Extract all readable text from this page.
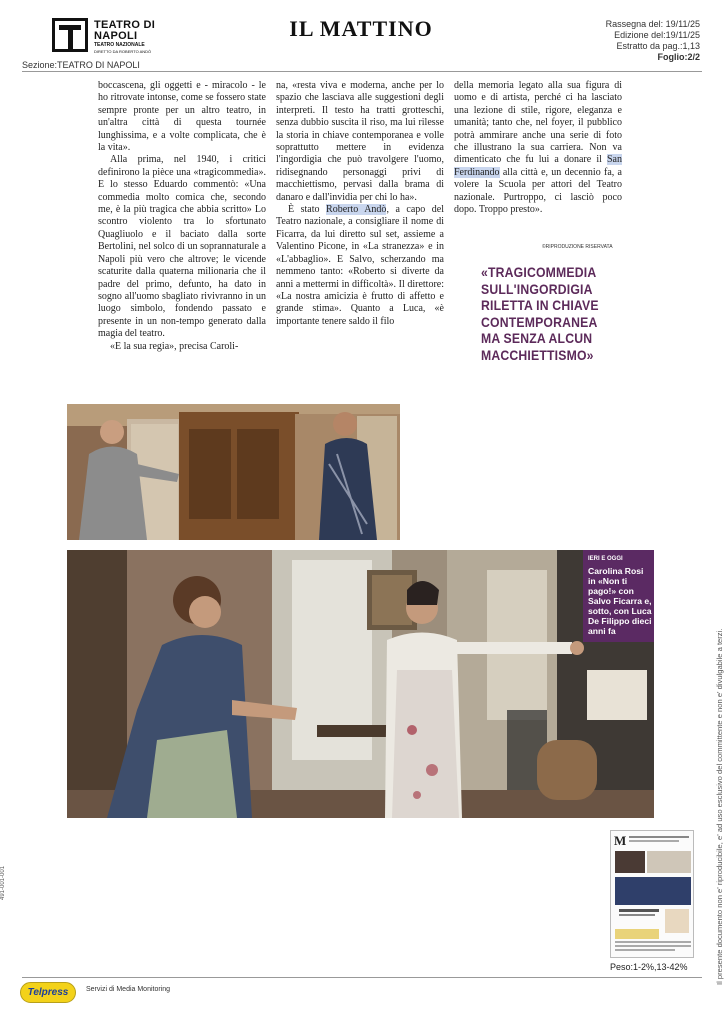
TEATRO DI NAPOLI
TEATRO NAZIONALE
DIRETTO DA ROBERTO ANDÒ
Sezione:TEATRO DI NAPOLI
IL MATTINO	Rassegna del: 19/11/25
Edizione del:19/11/25
Estratto da pag.:1,13
Foglio:2/2

boccascena, gli oggetti e - miracolo - le ho ritrovate intonse, come se fossero state sempre pronte per un altro teatro, in un'altra città di questa tournée lunghissima, e a volte complicata, che è la vita».

Alla prima, nel 1940, i critici definirono la pièce una «tragicommedia». E lo stesso Eduardo commentò: «Una commedia molto comica che, secondo me, è la più tragica che abbia scritto» Lo scontro violento tra lo sfortunato Quagliuolo e il baciato dalla sorte Bertolini, nel solco di un soprannaturale a Napoli più vero che altrove; le vicende scaturite dalla quaterna milionaria che il padre del primo, defunto, ha dato in sogno all'uomo sbagliato rivivranno in un luogo simbolo, fondendo passato e presente in un non-tempo generato dalla magia del teatro.

«E la sua regia», precisa Caroli-

na, «resta viva e moderna, anche per lo spazio che lasciava alle suggestioni degli interpreti. Il testo ha tratti grotteschi, senza dubbio suscita il riso, ma lui rilesse la storia in chiave contemporanea e volle soprattutto mettere in evidenza l'ingordigia che può travolgere l'uomo, ridisegnando personaggi privi di macchiettismo, pervasi dalla brama di danaro e dall'invidia per chi lo ha».

È stato Roberto Andò, a capo del Teatro nazionale, a consigliare il nome di Ficarra, da lui diretto sul set, assieme a Valentino Picone, in «La stranezza» e in «L'abbaglio». E Salvo, scherzando ma nemmeno tanto: «Roberto si diverte da anni a mettermi in difficoltà». Il direttore: «La nostra amicizia è frutto di affetto e grande stima». Quanto a Luca, «è importante tenere saldo il filo

della memoria legato alla sua figura di uomo e di artista, perché ci ha lasciato una lezione di stile, rigore, eleganza e umanità; tanto che, nel foyer, il pubblico potrà ammirare anche una serie di foto che illustrano la sua carriera. Non va dimenticato che fu lui a donare il San Ferdinando alla città e, un decennio fa, a volere la Scuola per attori del Teatro nazionale. Purtroppo, ci lasciò poco dopo. Troppo presto».

©RIPRODUZIONE RISERVATA
«TRAGICOMMEDIA SULL'INGORDIGIA RILETTA IN CHIAVE CONTEMPORANEA MA SENZA ALCUN MACCHIETTISMO»
IERI E OGGI
Carolina Rosi in «Non ti pago!» con Salvo Ficarra e, sotto, con Luca De Filippo dieci anni fa
M
Peso:1-2%,13-42%
Telpress	Servizi di Media Monitoring
491-001-001	Il presente documento non e' riproducibile, e' ad uso esclusivo del committente e non e' divulgabile a terzi.
